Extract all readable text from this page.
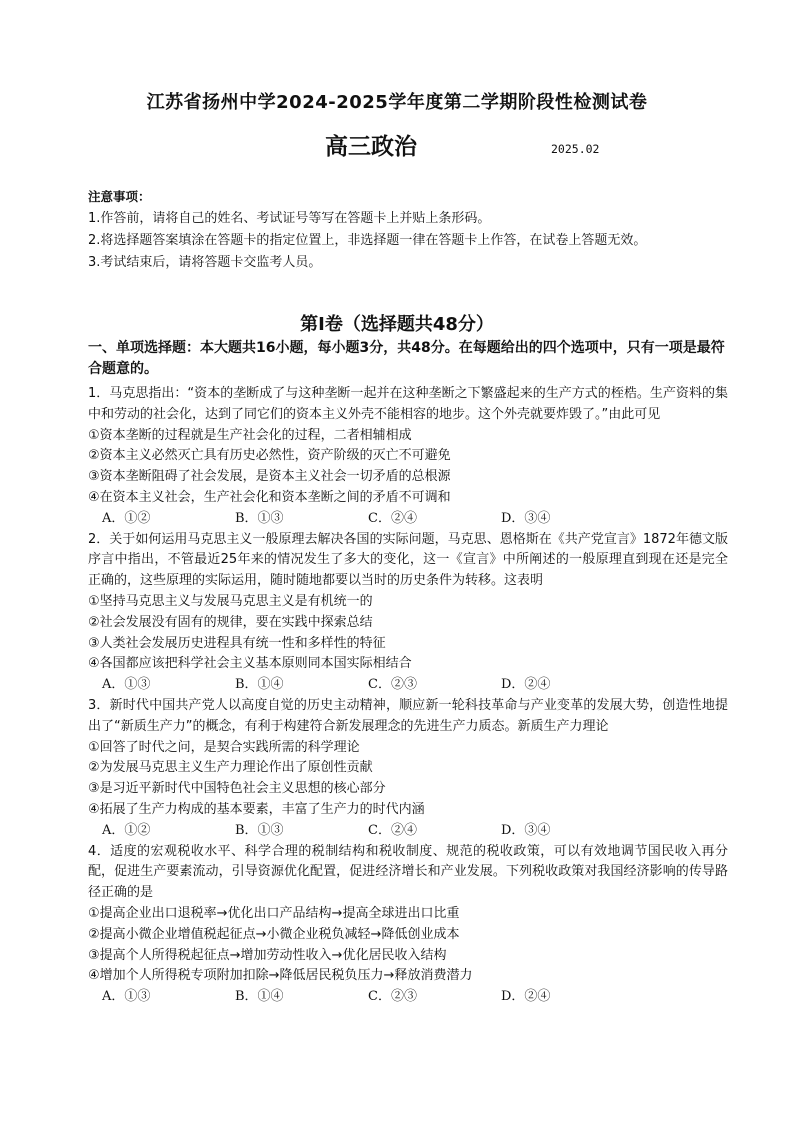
江苏省扬州中学2024-2025学年度第二学期阶段性检测试卷
高三政治	2025.02
注意事项：
1.作答前，请将自己的姓名、考试证号等写在答题卡上并贴上条形码。
2.将选择题答案填涂在答题卡的指定位置上，非选择题一律在答题卡上作答，在试卷上答题无效。
3.考试结束后，请将答题卡交监考人员。
第Ⅰ卷（选择题共48分）
一、单项选择题：本大题共16小题，每小题3分，共48分。在每题给出的四个选项中，只有一项是最符合题意的。
1．马克思指出：“资本的垄断成了与这种垄断一起并在这种垄断之下繁盛起来的生产方式的桎梏。生产资料的集中和劳动的社会化，达到了同它们的资本主义外壳不能相容的地步。这个外壳就要炸毁了。”由此可见
①资本垄断的过程就是生产社会化的过程，二者相辅相成
②资本主义必然灭亡具有历史必然性，资产阶级的灭亡不可避免
③资本垄断阻碍了社会发展，是资本主义社会一切矛盾的总根源
④在资本主义社会，生产社会化和资本垄断之间的矛盾不可调和
A．①②	B．①③	C．②④	D．③④
2．关于如何运用马克思主义一般原理去解决各国的实际问题，马克思、恩格斯在《共产党宣言》1872年德文版序言中指出，不管最近25年来的情况发生了多大的变化，这一《宣言》中所阐述的一般原理直到现在还是完全正确的，这些原理的实际运用，随时随地都要以当时的历史条件为转移。这表明
①坚持马克思主义与发展马克思主义是有机统一的
②社会发展没有固有的规律，要在实践中探索总结
③人类社会发展历史进程具有统一性和多样性的特征
④各国都应该把科学社会主义基本原则同本国实际相结合
A．①③	B．①④	C．②③	D．②④
3．新时代中国共产党人以高度自觉的历史主动精神，顺应新一轮科技革命与产业变革的发展大势，创造性地提出了“新质生产力”的概念，有利于构建符合新发展理念的先进生产力质态。新质生产力理论
①回答了时代之问，是契合实践所需的科学理论
②为发展马克思主义生产力理论作出了原创性贡献
③是习近平新时代中国特色社会主义思想的核心部分
④拓展了生产力构成的基本要素，丰富了生产力的时代内涵
A．①②	B．①③	C．②④	D．③④
4．适度的宏观税收水平、科学合理的税制结构和税收制度、规范的税收政策，可以有效地调节国民收入再分配，促进生产要素流动，引导资源优化配置，促进经济增长和产业发展。下列税收政策对我国经济影响的传导路径正确的是
①提高企业出口退税率→优化出口产品结构→提高全球进出口比重
②提高小微企业增值税起征点→小微企业税负减轻→降低创业成本
③提高个人所得税起征点→增加劳动性收入→优化居民收入结构
④增加个人所得税专项附加扣除→降低居民税负压力→释放消费潜力
A．①③	B．①④	C．②③	D．②④
